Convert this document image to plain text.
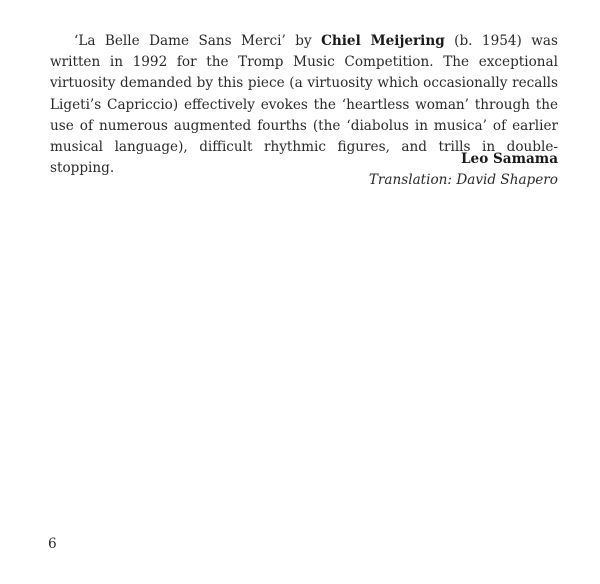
‘La Belle Dame Sans Merci’ by Chiel Meijering (b. 1954) was written in 1992 for the Tromp Music Competition. The exceptional virtuosity demanded by this piece (a virtuosity which occasionally recalls Ligeti’s Capriccio) effectively evokes the ‘heartless woman’ through the use of numerous augmented fourths (the ‘diabolus in musica’ of earlier musical language), difficult rhythmic figures, and trills in double-stopping.

Leo Samama
Translation: David Shapero
6
